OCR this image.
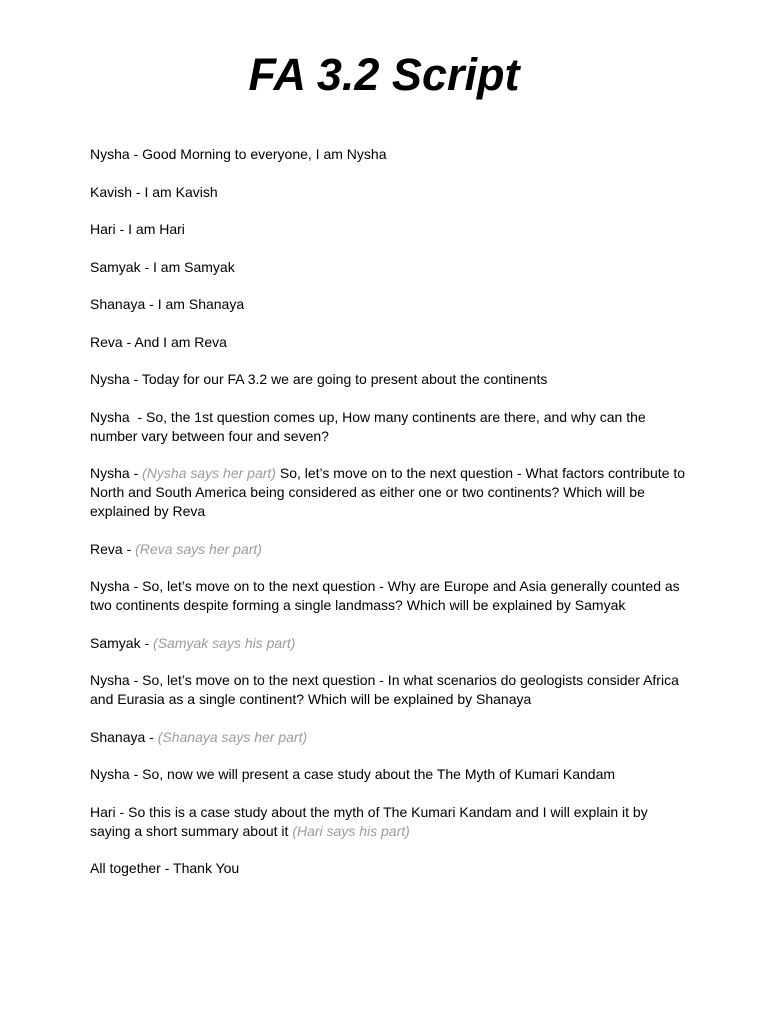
FA 3.2 Script

Nysha - Good Morning to everyone, I am Nysha

Kavish - I am Kavish

Hari - I am Hari

Samyak - I am Samyak

Shanaya - I am Shanaya

Reva - And I am Reva

Nysha - Today for our FA 3.2 we are going to present about the continents

Nysha  - So, the 1st question comes up, How many continents are there, and why can the number vary between four and seven?

Nysha - (Nysha says her part) So, let’s move on to the next question - What factors contribute to North and South America being considered as either one or two continents? Which will be explained by Reva

Reva - (Reva says her part)

Nysha - So, let’s move on to the next question - Why are Europe and Asia generally counted as two continents despite forming a single landmass? Which will be explained by Samyak

Samyak - (Samyak says his part)

Nysha - So, let’s move on to the next question - In what scenarios do geologists consider Africa and Eurasia as a single continent? Which will be explained by Shanaya

Shanaya - (Shanaya says her part)

Nysha - So, now we will present a case study about the The Myth of Kumari Kandam

Hari - So this is a case study about the myth of The Kumari Kandam and I will explain it by saying a short summary about it (Hari says his part)

All together - Thank You
